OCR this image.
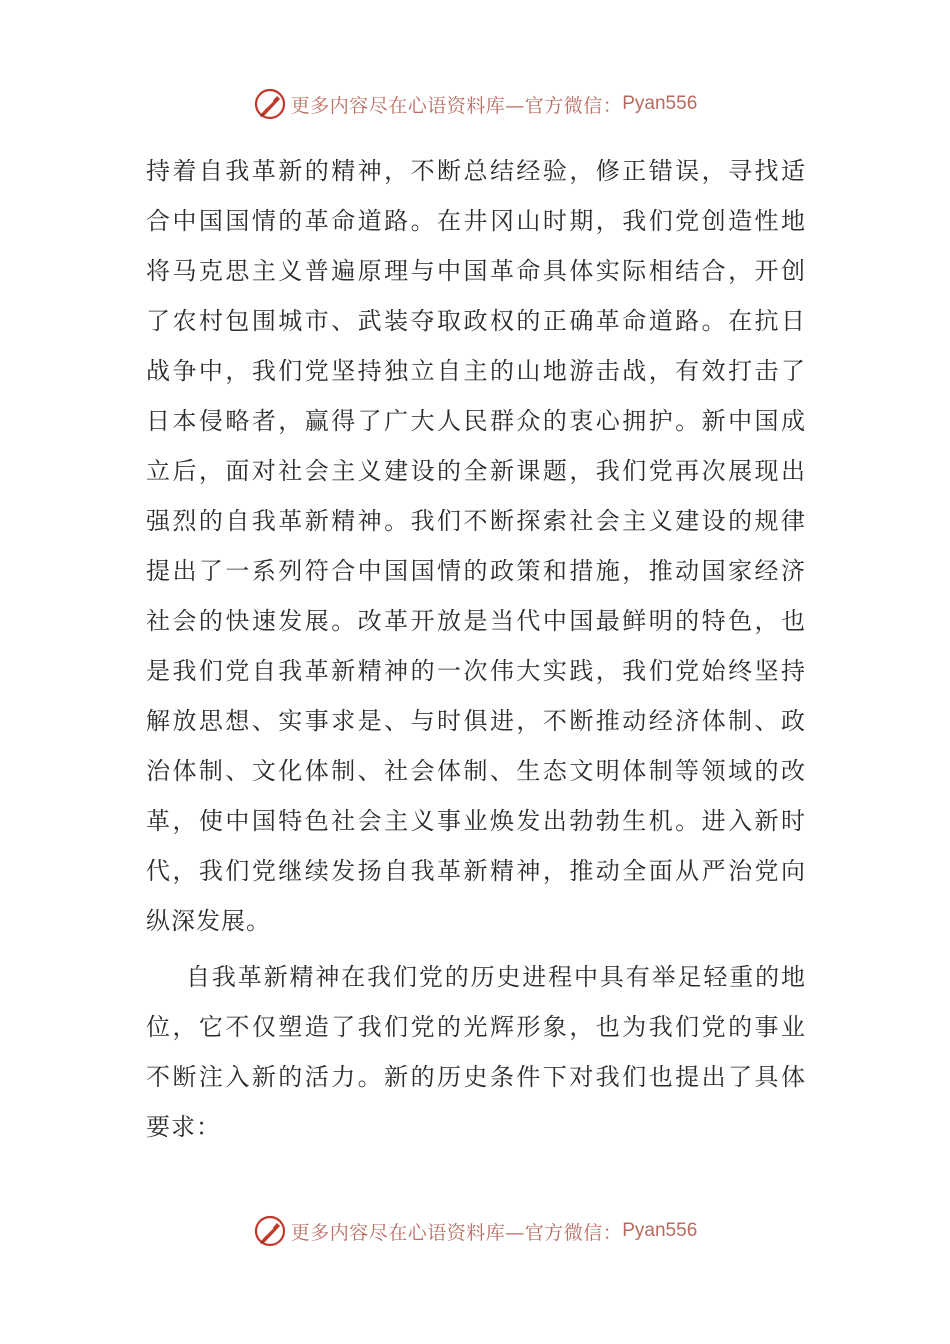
更多内容尽在心语资料库—官方微信： Pyan556
持着自我革新的精神，不断总结经验，修正错误，寻找适
合中国国情的革命道路。在井冈山时期，我们党创造性地
将马克思主义普遍原理与中国革命具体实际相结合，开创
了农村包围城市、武装夺取政权的正确革命道路。在抗日
战争中，我们党坚持独立自主的山地游击战，有效打击了
日本侵略者，赢得了广大人民群众的衷心拥护。新中国成
立后，面对社会主义建设的全新课题，我们党再次展现出
强烈的自我革新精神。我们不断探索社会主义建设的规律
提出了一系列符合中国国情的政策和措施，推动国家经济
社会的快速发展。改革开放是当代中国最鲜明的特色，也
是我们党自我革新精神的一次伟大实践，我们党始终坚持
解放思想、实事求是、与时俱进，不断推动经济体制、政
治体制、文化体制、社会体制、生态文明体制等领域的改
革，使中国特色社会主义事业焕发出勃勃生机。进入新时
代，我们党继续发扬自我革新精神，推动全面从严治党向
纵深发展。
自我革新精神在我们党的历史进程中具有举足轻重的地
位，它不仅塑造了我们党的光辉形象，也为我们党的事业
不断注入新的活力。新的历史条件下对我们也提出了具体
要求：
更多内容尽在心语资料库—官方微信： Pyan556
